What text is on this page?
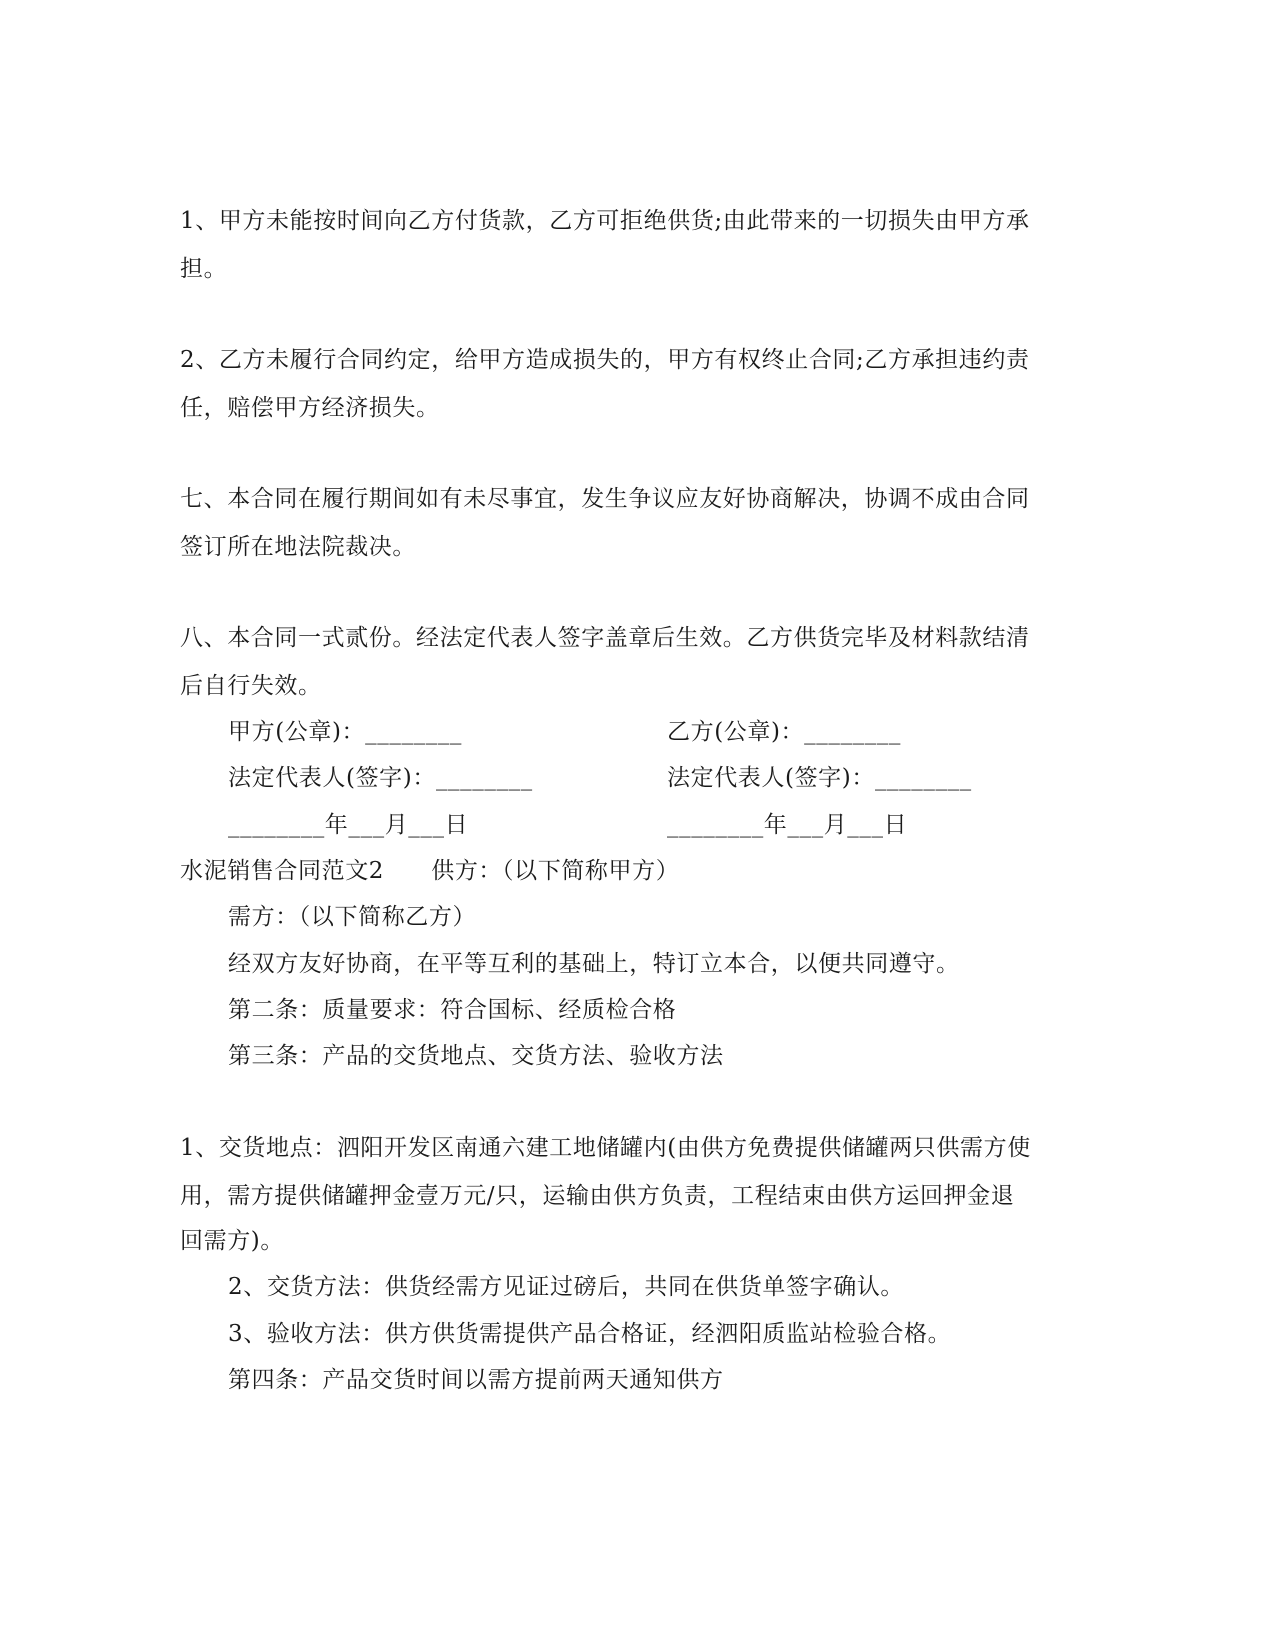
1、甲方未能按时间向乙方付货款，乙方可拒绝供货;由此带来的一切损失由甲方承
担。
2、乙方未履行合同约定，给甲方造成损失的，甲方有权终止合同;乙方承担违约责
任，赔偿甲方经济损失。
七、本合同在履行期间如有未尽事宜，发生争议应友好协商解决，协调不成由合同
签订所在地法院裁决。
八、本合同一式贰份。经法定代表人签字盖章后生效。乙方供货完毕及材料款结清
后自行失效。
甲方(公章)：________	乙方(公章)：________
法定代表人(签字)：________	法定代表人(签字)：________
________年___月___日	________年___月___日
水泥销售合同范文2　　供方：（以下简称甲方）
需方：（以下简称乙方）
经双方友好协商，在平等互利的基础上，特订立本合，以便共同遵守。
第二条：质量要求：符合国标、经质检合格
第三条：产品的交货地点、交货方法、验收方法
1、交货地点：泗阳开发区南通六建工地储罐内(由供方免费提供储罐两只供需方使
用，需方提供储罐押金壹万元/只，运输由供方负责，工程结束由供方运回押金退
回需方)。
2、交货方法：供货经需方见证过磅后，共同在供货单签字确认。
3、验收方法：供方供货需提供产品合格证，经泗阳质监站检验合格。
第四条：产品交货时间以需方提前两天通知供方
